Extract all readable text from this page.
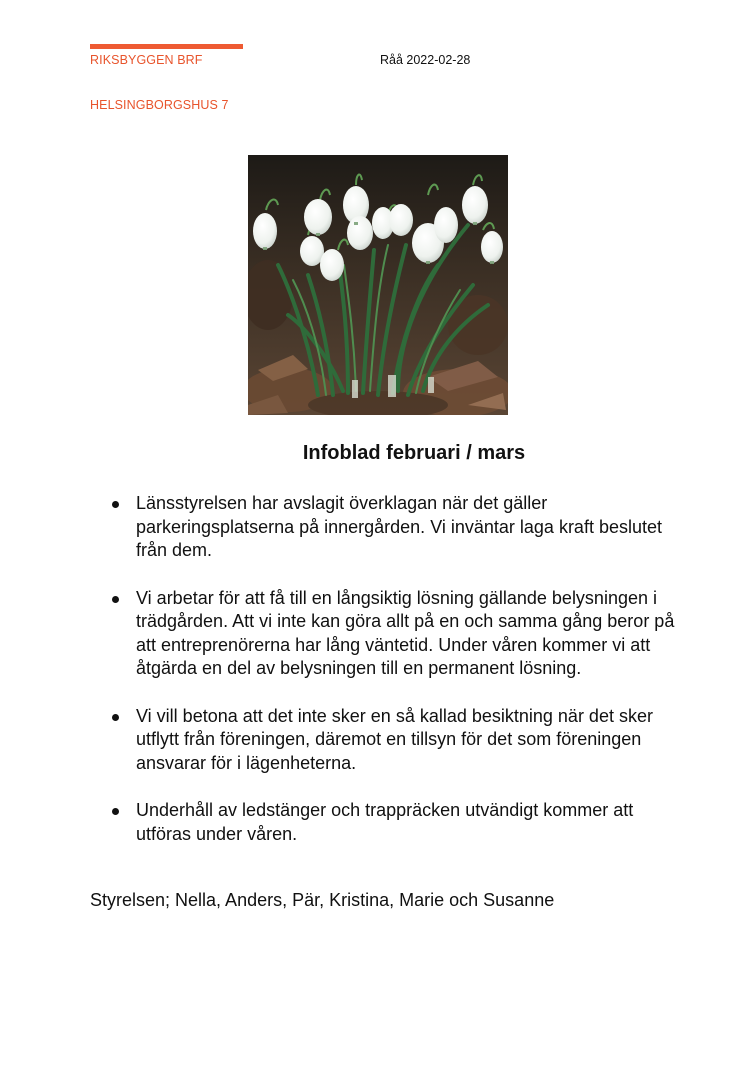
RIKSBYGGEN BRF	Råå 2022-02-28
HELSINGBORGSHUS 7
Infoblad februari / mars
Länsstyrelsen har avslagit överklagan när det gäller parkeringsplatserna på innergården. Vi inväntar laga kraft beslutet från dem.
Vi arbetar för att få till en långsiktig lösning gällande belysningen i trädgården. Att vi inte kan göra allt på en och samma gång beror på att entreprenörerna har lång väntetid. Under våren kommer vi att åtgärda en del av belysningen till en permanent lösning.
Vi vill betona att det inte sker en så kallad besiktning när det sker utflytt från föreningen, däremot en tillsyn för det som föreningen ansvarar för i lägenheterna.
Underhåll av ledstänger och trappräcken utvändigt kommer att utföras under våren.
Styrelsen; Nella, Anders, Pär, Kristina, Marie och Susanne
